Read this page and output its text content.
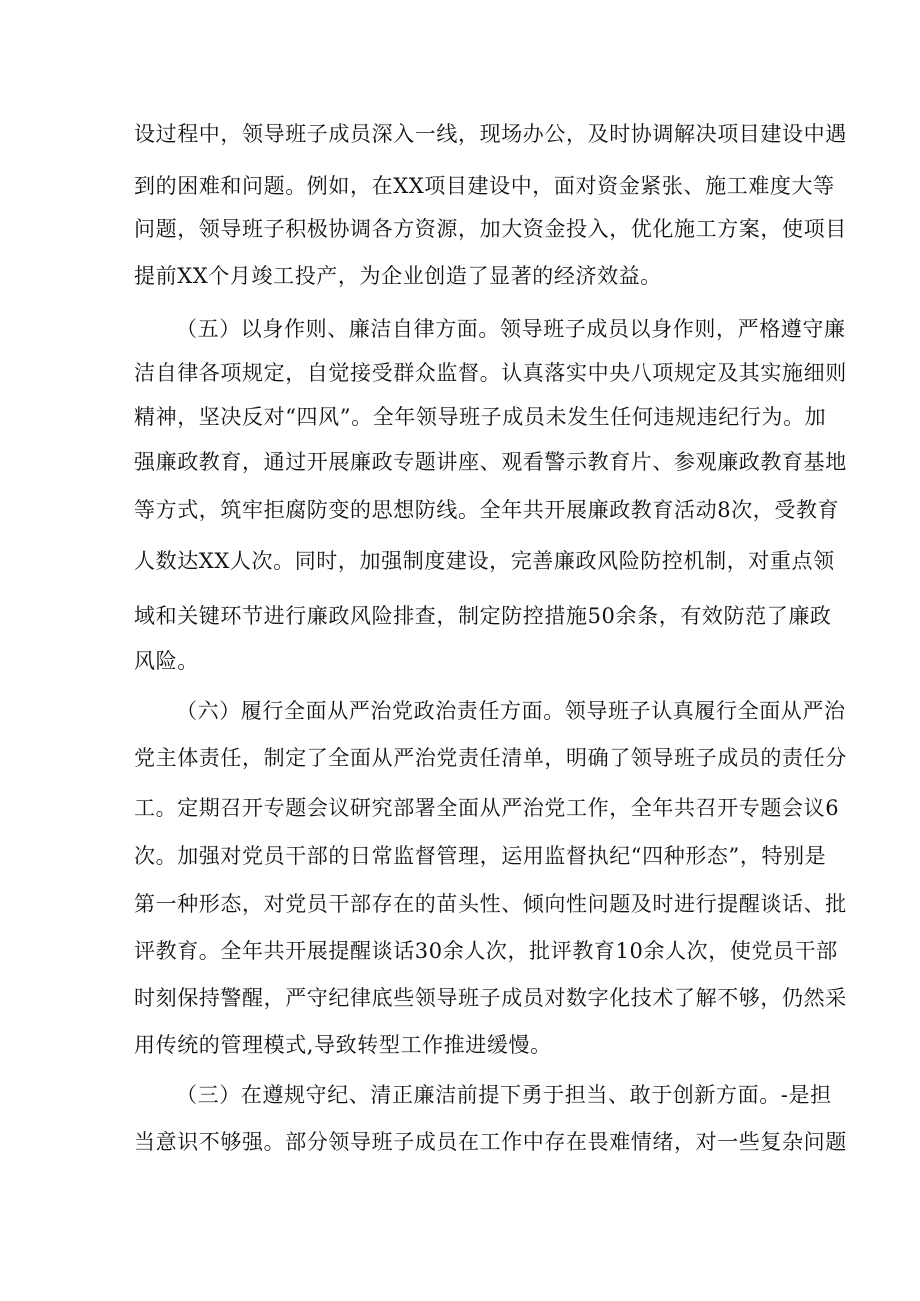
设过程中，领导班子成员深入一线，现场办公，及时协调解决项目建设中遇
到的困难和问题。例如，在XX项目建设中，面对资金紧张、施工难度大等
问题，领导班子积极协调各方资源，加大资金投入，优化施工方案，使项目
提前XX个月竣工投产，为企业创造了显著的经济效益。
（五）以身作则、廉洁自律方面。领导班子成员以身作则，严格遵守廉
洁自律各项规定，自觉接受群众监督。认真落实中央八项规定及其实施细则
精神，坚决反对“四风”。全年领导班子成员未发生任何违规违纪行为。加
强廉政教育，通过开展廉政专题讲座、观看警示教育片、参观廉政教育基地
等方式，筑牢拒腐防变的思想防线。全年共开展廉政教育活动8次，受教育
人数达XX人次。同时，加强制度建设，完善廉政风险防控机制，对重点领
域和关键环节进行廉政风险排查，制定防控措施50余条，有效防范了廉政
风险。
（六）履行全面从严治党政治责任方面。领导班子认真履行全面从严治
党主体责任，制定了全面从严治党责任清单，明确了领导班子成员的责任分
工。定期召开专题会议研究部署全面从严治党工作，全年共召开专题会议6
次。加强对党员干部的日常监督管理，运用监督执纪“四种形态”，特别是
第一种形态，对党员干部存在的苗头性、倾向性问题及时进行提醒谈话、批
评教育。全年共开展提醒谈话30余人次，批评教育10余人次，使党员干部
时刻保持警醒，严守纪律底些领导班子成员对数字化技术了解不够，仍然采
用传统的管理模式,导致转型工作推进缓慢。
（三）在遵规守纪、清正廉洁前提下勇于担当、敢于创新方面。-是担
当意识不够强。部分领导班子成员在工作中存在畏难情绪，对一些复杂问题
